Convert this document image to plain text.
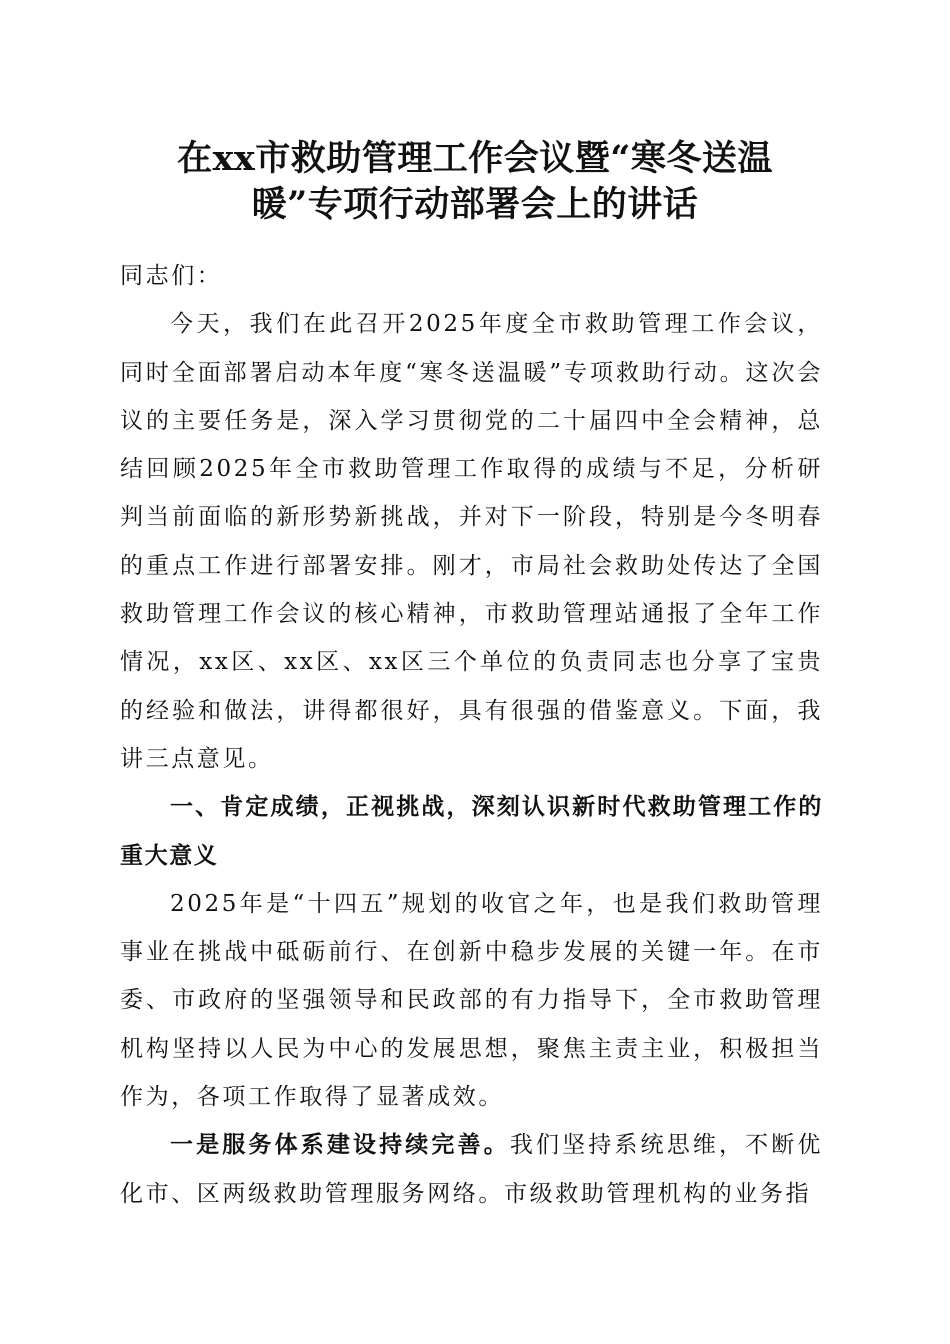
在xx市救助管理工作会议暨“寒冬送温
暖”专项行动部署会上的讲话

同志们：

今天，我们在此召开2025年度全市救助管理工作会议，同时全面部署启动本年度“寒冬送温暖”专项救助行动。这次会议的主要任务是，深入学习贯彻党的二十届四中全会精神，总结回顾2025年全市救助管理工作取得的成绩与不足，分析研判当前面临的新形势新挑战，并对下一阶段，特别是今冬明春的重点工作进行部署安排。刚才，市局社会救助处传达了全国救助管理工作会议的核心精神，市救助管理站通报了全年工作情况，xx区、xx区、xx区三个单位的负责同志也分享了宝贵的经验和做法，讲得都很好，具有很强的借鉴意义。下面，我讲三点意见。

一、肯定成绩，正视挑战，深刻认识新时代救助管理工作的重大意义

2025年是“十四五”规划的收官之年，也是我们救助管理事业在挑战中砥砺前行、在创新中稳步发展的关键一年。在市委、市政府的坚强领导和民政部的有力指导下，全市救助管理机构坚持以人民为中心的发展思想，聚焦主责主业，积极担当作为，各项工作取得了显著成效。

一是服务体系建设持续完善。我们坚持系统思维，不断优化市、区两级救助管理服务网络。市级救助管理机构的业务指
